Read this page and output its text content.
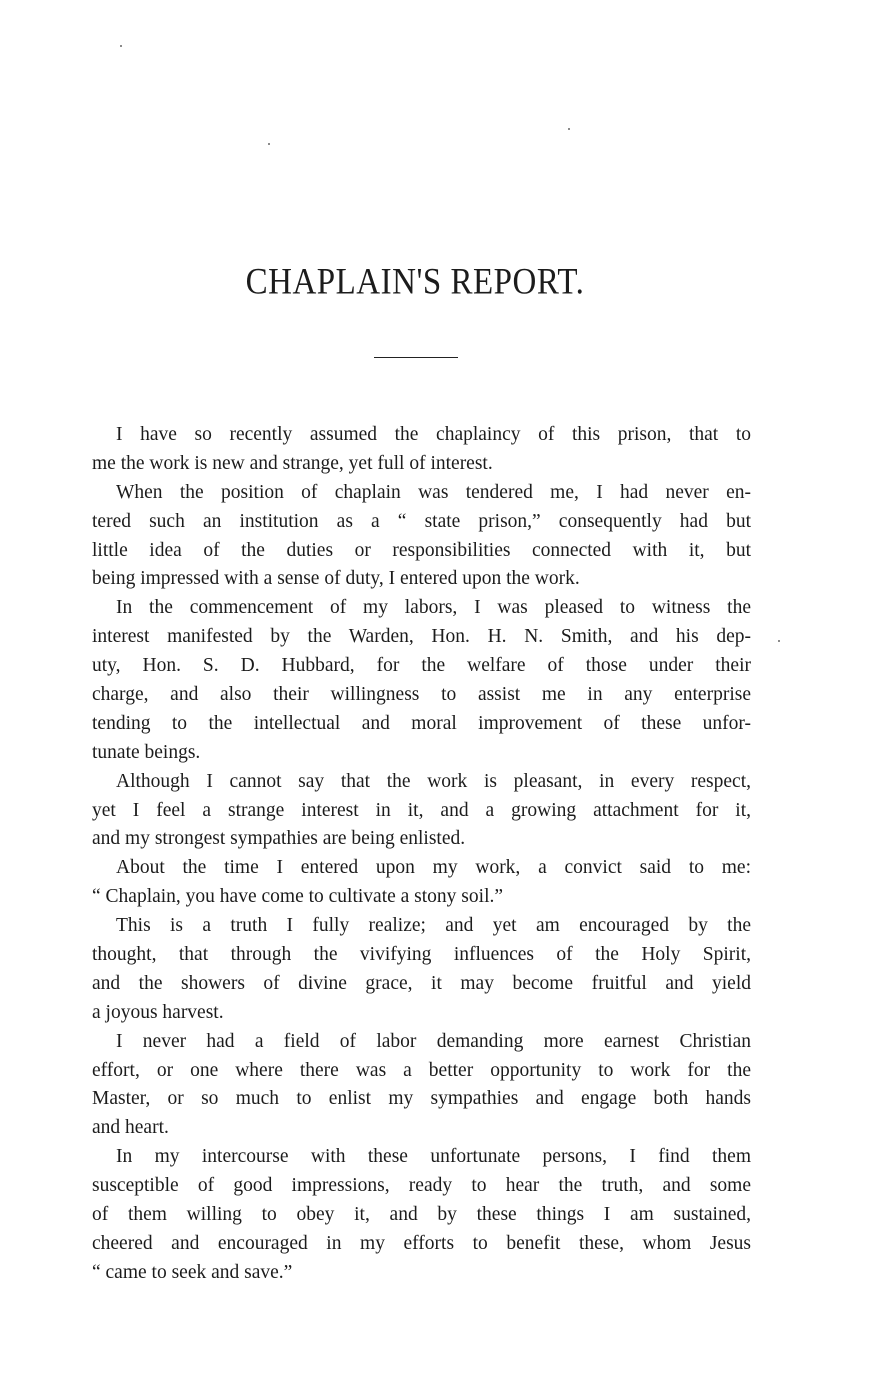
CHAPLAIN'S REPORT.
I have so recently assumed the chaplaincy of this prison, that to
me the work is new and strange, yet full of interest.
When the position of chaplain was tendered me, I had never en-
tered such an institution as a “ state prison,” consequently had but
little idea of the duties or responsibilities connected with it, but
being impressed with a sense of duty, I entered upon the work.
In the commencement of my labors, I was pleased to witness the
interest manifested by the Warden, Hon. H. N. Smith, and his dep-
uty, Hon. S. D. Hubbard, for the welfare of those under their
charge, and also their willingness to assist me in any enterprise
tending to the intellectual and moral improvement of these unfor-
tunate beings.
Although I cannot say that the work is pleasant, in every respect,
yet I feel a strange interest in it, and a growing attachment for it,
and my strongest sympathies are being enlisted.
About the time I entered upon my work, a convict said to me:
“ Chaplain, you have come to cultivate a stony soil.”
This is a truth I fully realize; and yet am encouraged by the
thought, that through the vivifying influences of the Holy Spirit,
and the showers of divine grace, it may become fruitful and yield
a joyous harvest.
I never had a field of labor demanding more earnest Christian
effort, or one where there was a better opportunity to work for the
Master, or so much to enlist my sympathies and engage both hands
and heart.
In my intercourse with these unfortunate persons, I find them
susceptible of good impressions, ready to hear the truth, and some
of them willing to obey it, and by these things I am sustained,
cheered and encouraged in my efforts to benefit these, whom Jesus
“ came to seek and save.”
